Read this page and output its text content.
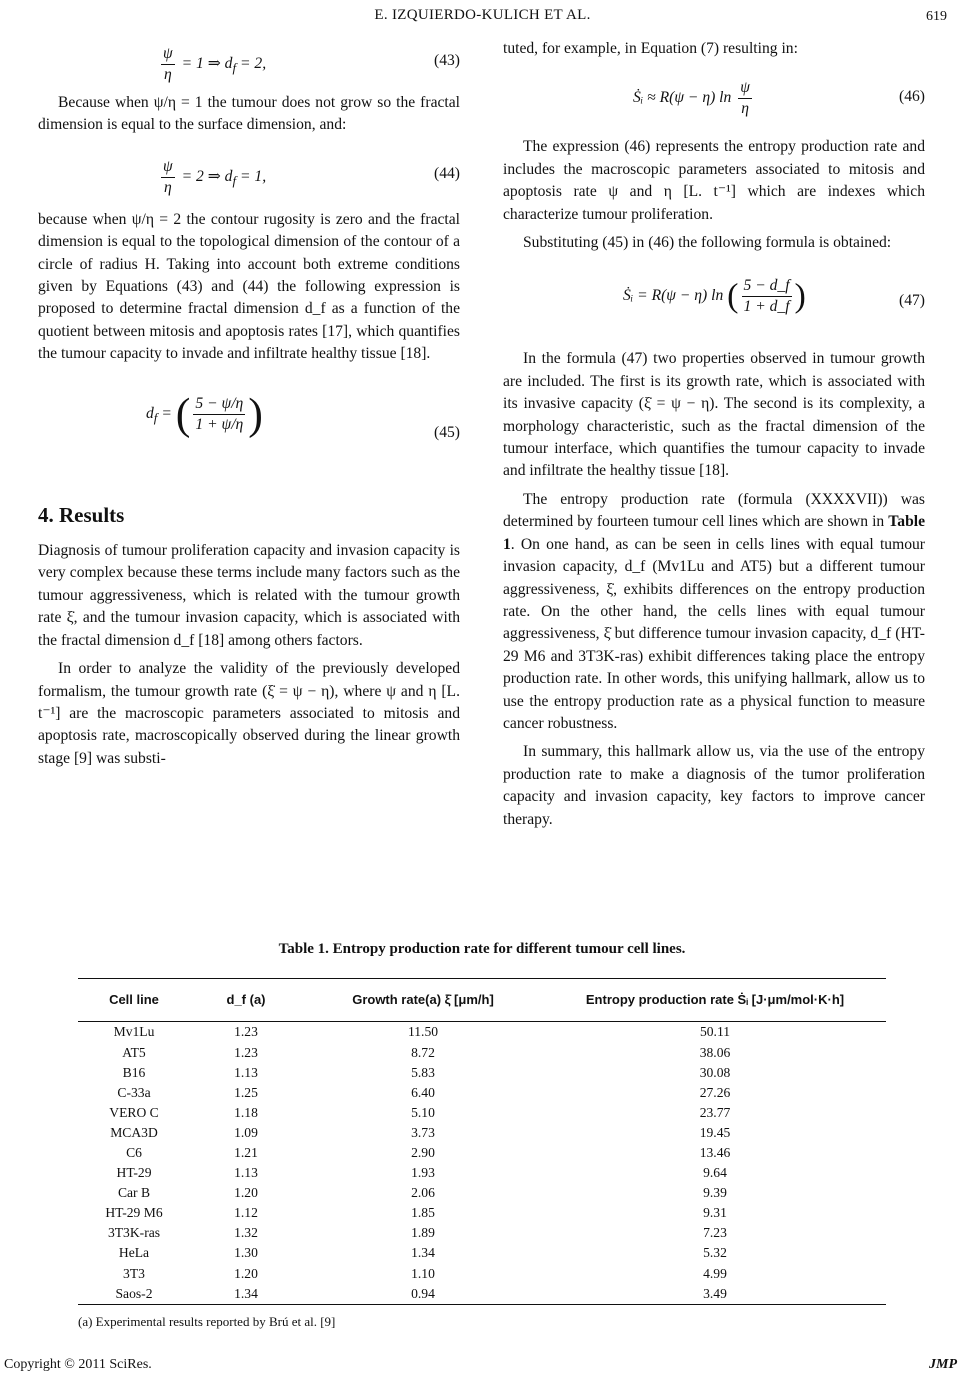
E. IZQUIERDO-KULICH ET AL.	619
$\frac{\psi}{\eta} = 1$ ⇒ $d_f = 2$,	(43)

Because when ψ/η = 1 the tumour does not grow so the fractal dimension is equal to the surface dimension, and:

$\frac{\psi}{\eta} = 2$ ⇒ $d_f = 1$,	(44)

because when ψ/η = 2 the contour rugosity is zero and the fractal dimension is equal to the topological dimension of the contour of a circle of radius H. Taking into account both extreme conditions given by Equations (43) and (44) the following expression is proposed to determine fractal dimension d_f as a function of the quotient between mitosis and apoptosis rates [17], which quantifies the tumour capacity to invade and infiltrate healthy tissue [18].

$d_f$ = ( $\frac{5 - \psi/\eta}{1 + \psi/\eta}$ )	(45)
4. Results

Diagnosis of tumour proliferation capacity and invasion capacity is very complex because these terms include many factors such as the tumour aggressiveness, which is related with the tumour growth rate ξ̇, and the tumour invasion capacity, which is associated with the fractal dimension d_f [18] among others factors.

In order to analyze the validity of the previously developed formalism, the tumour growth rate (ξ̇ = ψ − η), where ψ and η [L. t⁻¹] are the macroscopic parameters associated to mitosis and apoptosis rate, macroscopically observed during the linear growth stage [9] was substi-

tuted, for example, in Equation (7) resulting in:

Ṡᵢ ≈ R(ψ − η) $\ln \frac{\psi}{\eta}$	(46)

The expression (46) represents the entropy production rate and includes the macroscopic parameters associated to mitosis and apoptosis rate ψ and η [L. t⁻¹] which are indexes which characterize tumour proliferation.

Substituting (45) in (46) the following formula is obtained:

Ṡᵢ = R(ψ − η) ln ( $\frac{5 - d\_f}{1 + d\_f}$ )	(47)

In the formula (47) two properties observed in tumour growth are included. The first is its growth rate, which is associated with its invasive capacity (ξ̇ = ψ − η). The second is its complexity, a morphology characteristic, such as the fractal dimension of the tumour interface, which quantifies the tumour capacity to invade and infiltrate the healthy tissue [18].

The entropy production rate (formula (XXXXVII)) was determined by fourteen tumour cell lines which are shown in Table 1. On one hand, as can be seen in cells lines with equal tumour invasion capacity, d_f (Mv1Lu and AT5) but a different tumour aggressiveness, ξ̇, exhibits differences on the entropy production rate. On the other hand, the cells lines with equal tumour aggressiveness, ξ̇ but difference tumour invasion capacity, d_f (HT-29 M6 and 3T3K-ras) exhibit differences taking place the entropy production rate. In other words, this unifying hallmark, allow us to use the entropy production rate as a physical function to measure cancer robustness.

In summary, this hallmark allow us, via the use of the entropy production rate to make a diagnosis of the tumor proliferation capacity and invasion capacity, key factors to improve cancer therapy.

Table 1. Entropy production rate for different tumour cell lines.
Cell line	d_f (a)	Growth rate(a) ξ̇ [μm/h]	Entropy production rate Ṡᵢ [J·μm/mol·K·h]
Mv1Lu	1.23	11.50	50.11
AT5	1.23	8.72	38.06
B16	1.13	5.83	30.08
C-33a	1.25	6.40	27.26
VERO C	1.18	5.10	23.77
MCA3D	1.09	3.73	19.45
C6	1.21	2.90	13.46
HT-29	1.13	1.93	9.64
Car B	1.20	2.06	9.39
HT-29 M6	1.12	1.85	9.31
3T3K-ras	1.32	1.89	7.23
HeLa	1.30	1.34	5.32
3T3	1.20	1.10	4.99
Saos-2	1.34	0.94	3.49
(a) Experimental results reported by Brú et al. [9]
Copyright © 2011 SciRes.	JMP
